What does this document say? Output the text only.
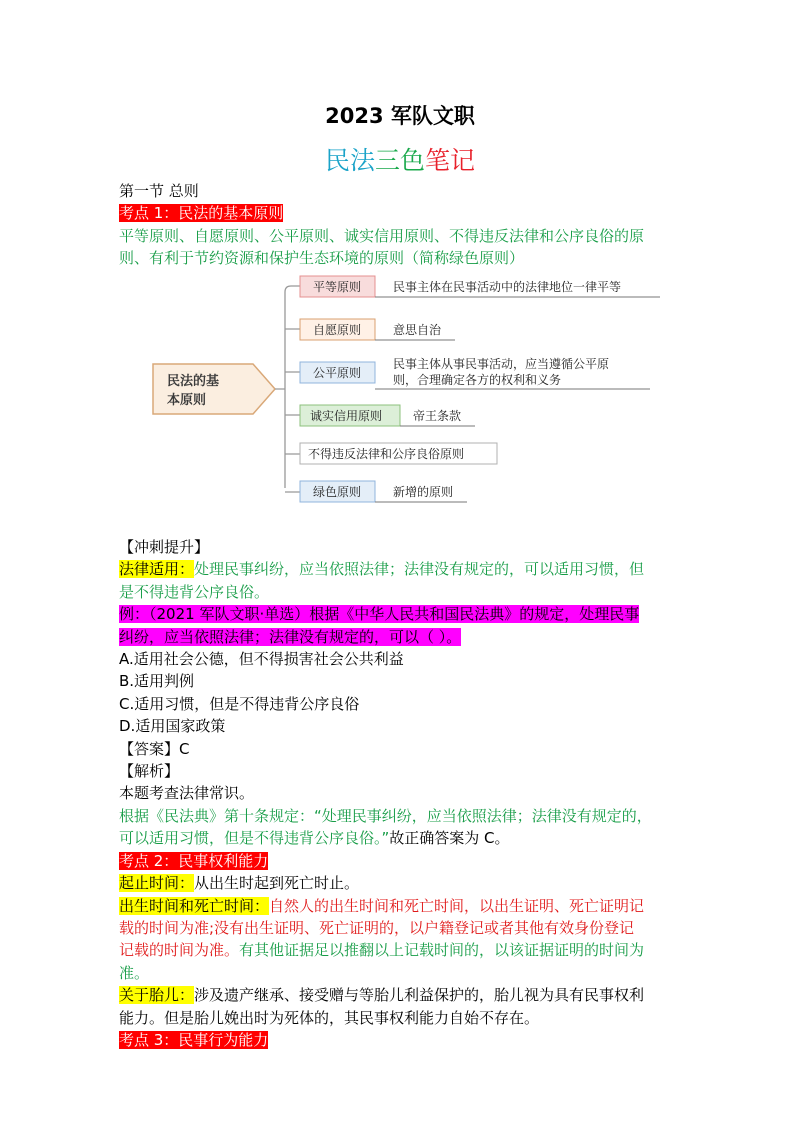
2023 军队文职
民法三色笔记
第一节 总则
考点 1：民法的基本原则
平等原则、自愿原则、公平原则、诚实信用原则、不得违反法律和公序良俗的原
则、有利于节约资源和保护生态环境的原则（简称绿色原则）
民法的基
本原则
平等原则	民事主体在民事活动中的法律地位一律平等
自愿原则	意思自治
公平原则
民事主体从事民事活动，应当遵循公平原
则，合理确定各方的权利和义务
诚实信用原则	帝王条款
不得违反法律和公序良俗原则
绿色原则	新增的原则
【冲刺提升】
法律适用：处理民事纠纷，应当依照法律；法律没有规定的，可以适用习惯，但
是不得违背公序良俗。
例：（2021 军队文职·单选）根据《中华人民共和国民法典》的规定，处理民事
纠纷，应当依照法律；法律没有规定的，可以（ ）。
A.适用社会公德，但不得损害社会公共利益
B.适用判例
C.适用习惯，但是不得违背公序良俗
D.适用国家政策
【答案】C
【解析】
本题考查法律常识。
根据《民法典》第十条规定：“处理民事纠纷，应当依照法律；法律没有规定的，
可以适用习惯，但是不得违背公序良俗。”故正确答案为 C。
考点 2：民事权利能力
起止时间：从出生时起到死亡时止。
出生时间和死亡时间：自然人的出生时间和死亡时间，以出生证明、死亡证明记
载的时间为准;没有出生证明、死亡证明的，以户籍登记或者其他有效身份登记
记载的时间为准。有其他证据足以推翻以上记载时间的，以该证据证明的时间为
准。
关于胎儿：涉及遗产继承、接受赠与等胎儿利益保护的，胎儿视为具有民事权利
能力。但是胎儿娩出时为死体的，其民事权利能力自始不存在。
考点 3：民事行为能力
